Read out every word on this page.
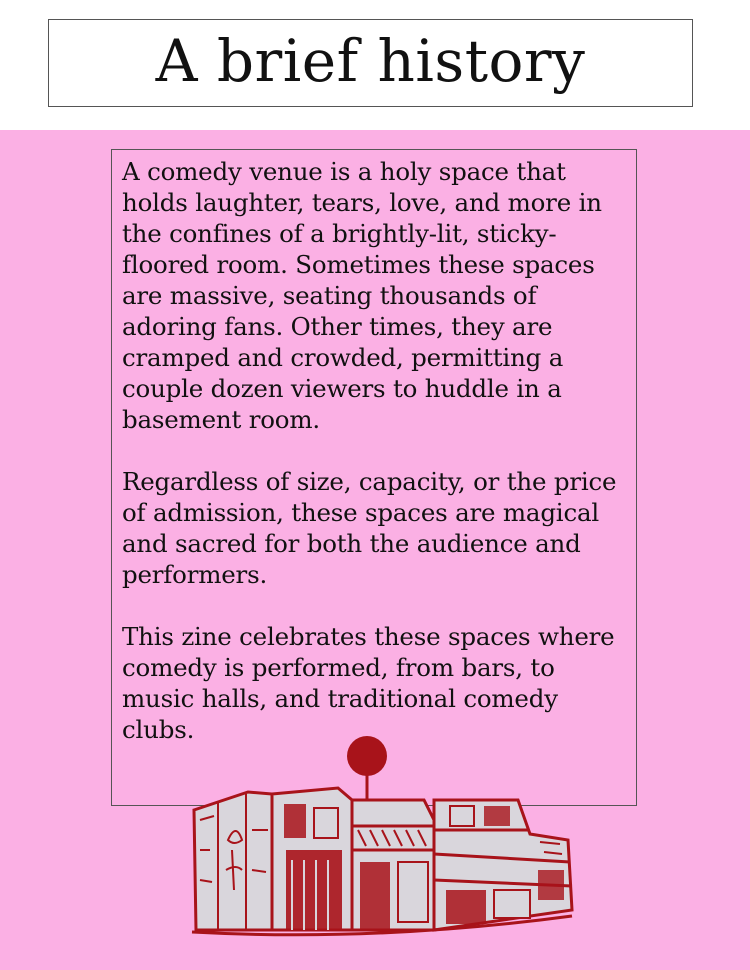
A brief history

A comedy venue is a holy space that holds laughter, tears, love, and more in the confines of a brightly-lit, sticky-floored room. Sometimes these spaces are massive, seating thousands of adoring fans. Other times, they are cramped and crowded, permitting a couple dozen viewers to huddle in a basement room.

Regardless of size, capacity, or the price of admission, these spaces are magical and sacred for both the audience and performers.

This zine celebrates these spaces where comedy is performed, from bars, to music halls, and traditional comedy clubs.
